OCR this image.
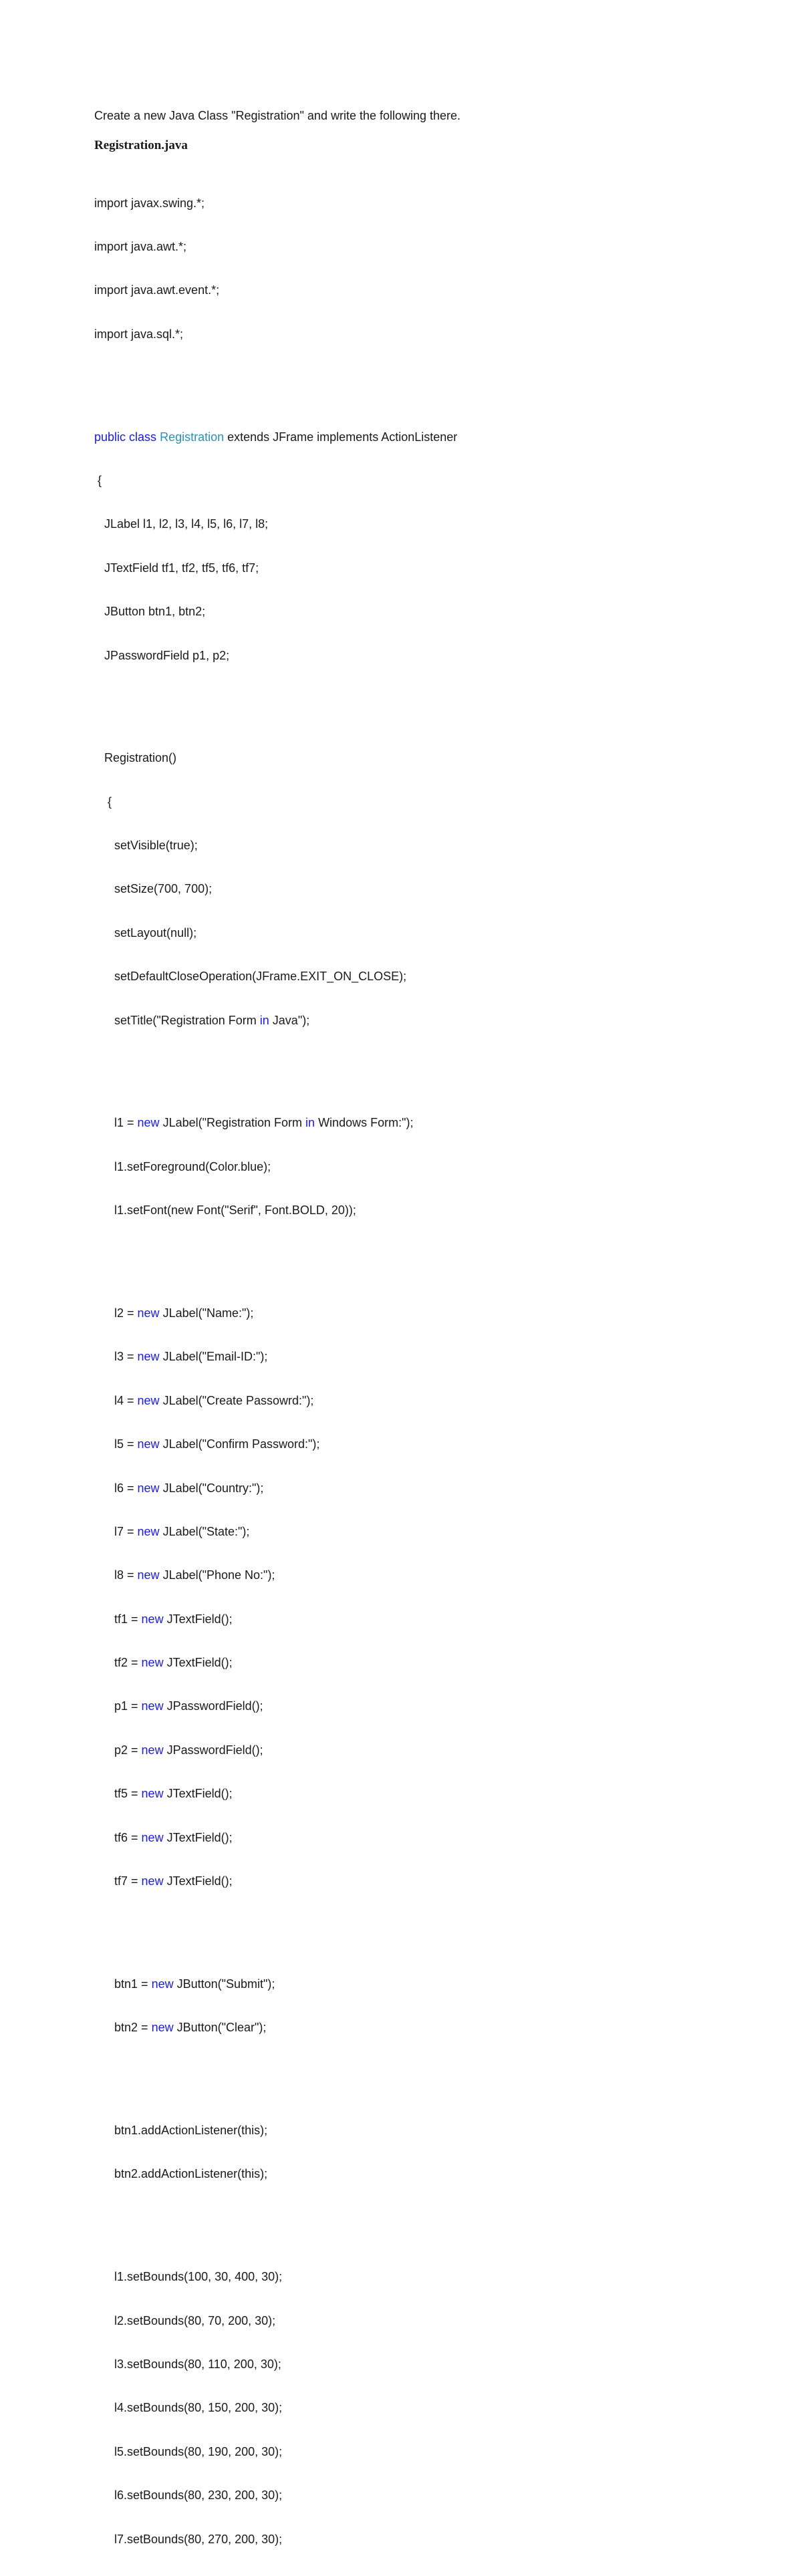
Create a new Java Class "Registration" and write the following there.

Registration.java

import javax.swing.*;

import java.awt.*;

import java.awt.event.*;

import java.sql.*;

public class Registration extends JFrame implements ActionListener

{

JLabel l1, l2, l3, l4, l5, l6, l7, l8;

JTextField tf1, tf2, tf5, tf6, tf7;

JButton btn1, btn2;

JPasswordField p1, p2;

Registration()

{

setVisible(true);

setSize(700, 700);

setLayout(null);

setDefaultCloseOperation(JFrame.EXIT_ON_CLOSE);

setTitle("Registration Form in Java");

l1 = new JLabel("Registration Form in Windows Form:");

l1.setForeground(Color.blue);

l1.setFont(new Font("Serif", Font.BOLD, 20));

l2 = new JLabel("Name:");

l3 = new JLabel("Email-ID:");

l4 = new JLabel("Create Passowrd:");

l5 = new JLabel("Confirm Password:");

l6 = new JLabel("Country:");

l7 = new JLabel("State:");

l8 = new JLabel("Phone No:");

tf1 = new JTextField();

tf2 = new JTextField();

p1 = new JPasswordField();

p2 = new JPasswordField();

tf5 = new JTextField();

tf6 = new JTextField();

tf7 = new JTextField();

btn1 = new JButton("Submit");

btn2 = new JButton("Clear");

btn1.addActionListener(this);

btn2.addActionListener(this);

l1.setBounds(100, 30, 400, 30);

l2.setBounds(80, 70, 200, 30);

l3.setBounds(80, 110, 200, 30);

l4.setBounds(80, 150, 200, 30);

l5.setBounds(80, 190, 200, 30);

l6.setBounds(80, 230, 200, 30);

l7.setBounds(80, 270, 200, 30);
